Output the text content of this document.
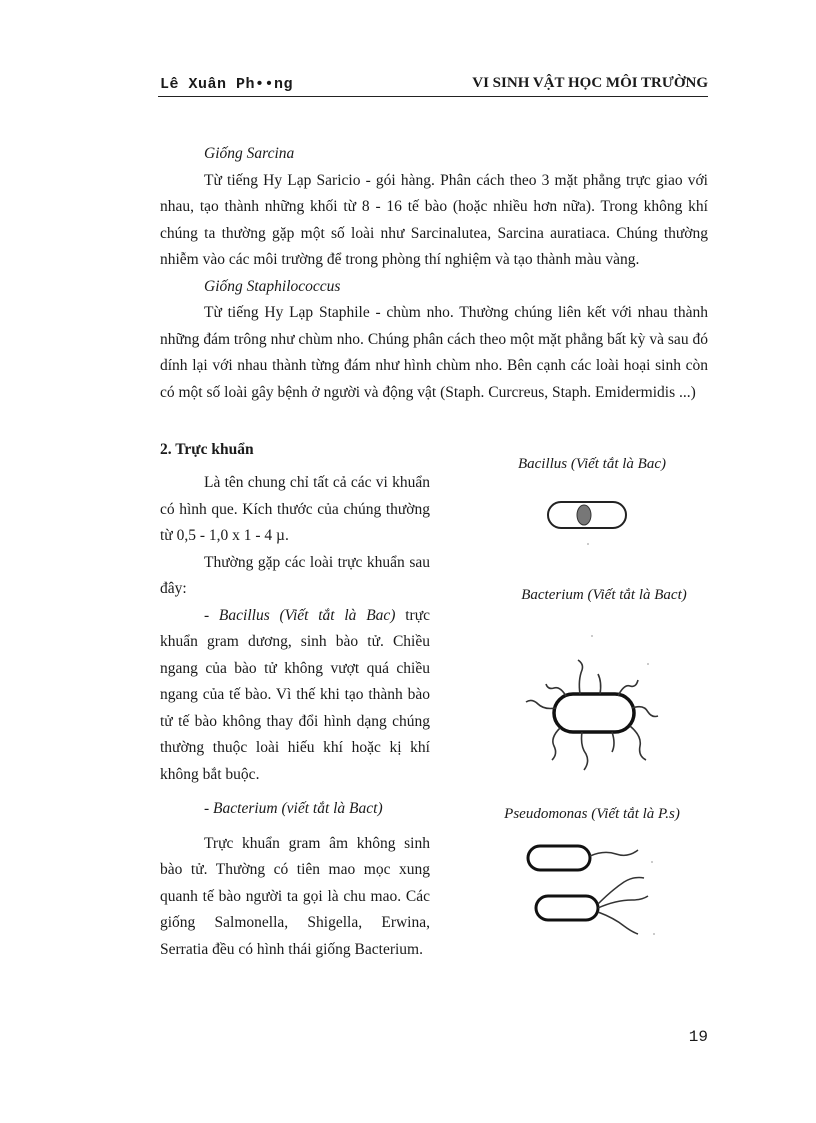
Lê Xuân Ph••ng	VI SINH VẬT HỌC MÔI TRƯỜNG

Giống Sarcina

Từ tiếng Hy Lạp Saricio - gói hàng. Phân cách theo 3 mặt phẳng trực giao với nhau, tạo thành những khối từ 8 - 16 tế bào (hoặc nhiều hơn nữa). Trong không khí chúng ta thường gặp một số loài như Sarcinalutea, Sarcina auratiaca. Chúng thường nhiễm vào các môi trường để trong phòng thí nghiệm và tạo thành màu vàng.

Giống Staphilococcus

Từ tiếng Hy Lạp Staphile - chùm nho. Thường chúng liên kết với nhau thành những đám trông như chùm nho. Chúng phân cách theo một mặt phẳng bất kỳ và sau đó dính lại với nhau thành từng đám như hình chùm nho. Bên cạnh các loài hoại sinh còn có một số loài gây bệnh ở người và động vật (Staph. Curcreus, Staph. Emidermidis ...)

2. Trực khuẩn

Là tên chung chỉ tất cả các vi khuẩn có hình que. Kích thước của chúng thường từ 0,5 - 1,0 x 1 - 4 µ.

Thường gặp các loài trực khuẩn sau đây:

- Bacillus (Viết tắt là Bac) trực khuẩn gram dương, sinh bào tử. Chiều ngang của bào tử không vượt quá chiều ngang của tế bào. Vì thế khi tạo thành bào tử tế bào không thay đổi hình dạng chúng thường thuộc loài hiếu khí hoặc kị khí không bắt buộc.

- Bacterium (viết tắt là Bact)

Trực khuẩn gram âm không sinh bào tử. Thường có tiên mao mọc xung quanh tế bào người ta gọi là chu mao. Các giống Salmonella, Shigella, Erwina, Serratia đều có hình thái giống Bacterium.

Bacillus (Viết tắt là Bac)
Bacterium (Viết tắt là Bact)
Pseudomonas (Viết tắt là P.s)
19
